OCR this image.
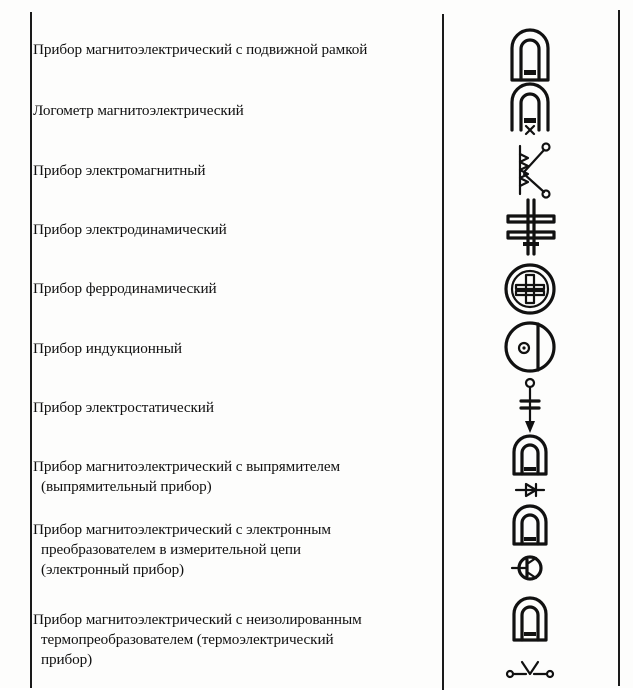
Прибор магнитоэлектрический с подвижной рамкой
Логометр магнитоэлектрический
Прибор электромагнитный
Прибор электродинамический
Прибор ферродинамический
Прибор индукционный
Прибор электростатический
Прибор магнитоэлектрический с выпрямителем
(выпрямительный прибор)
Прибор магнитоэлектрический с электронным
преобразователем в измерительной цепи
(электронный прибор)
Прибор магнитоэлектрический с неизолированным
термопреобразователем (термоэлектрический
прибор)
